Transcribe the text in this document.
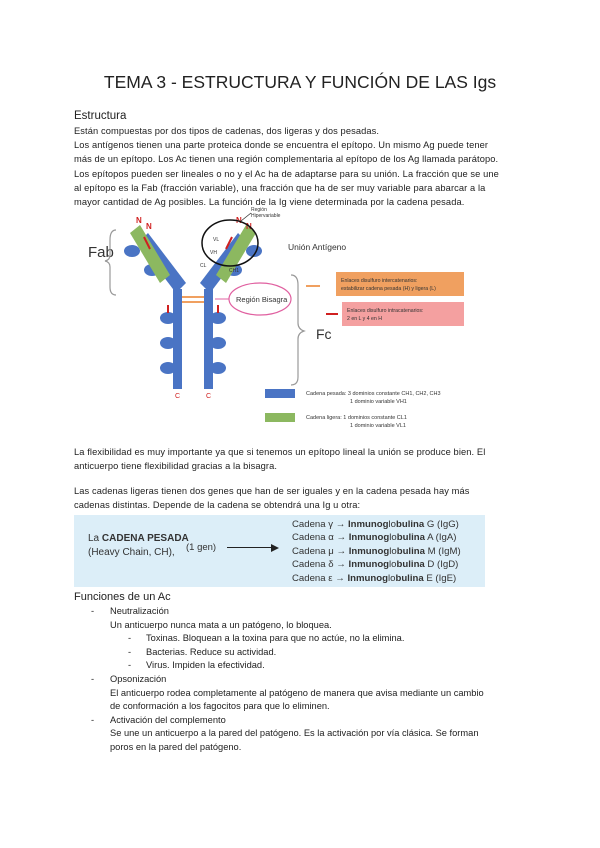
TEMA 3 - ESTRUCTURA Y FUNCIÓN DE LAS Igs
Estructura

Están compuestas por dos tipos de cadenas, dos ligeras y dos pesadas.

Los antígenos tienen una parte proteica donde se encuentra el epítopo. Un mismo Ag puede tener

más de un epítopo. Los Ac tienen una región complementaria al epítopo de los Ag llamada parátopo.

Los epítopos pueden ser lineales o no y el Ac ha de adaptarse para su unión. La fracción que se une

al epítopo es la Fab (fracción variable), una fracción que ha de ser muy variable para abarcar a la

mayor cantidad de Ag posibles. La función de la Ig viene determinada por la cadena pesada.

Fab
N
N
N
N
VL
VH
CH1
CL
Región
Hipervariable
Unión Antígeno
Región Bisagra
Fc
C	C
Enlaces disulfuro intercatenarios:
estabilizar cadena pesada (H) y ligera (L)
Enlaces disulfuro intracatenarios:
2 en L y 4 en H
Cadena pesada: 3 dominios constante CH1, CH2, CH3
1 dominio variable VH1
Cadena ligera: 1 dominios constante CL1
1 dominio variable VL1

La flexibilidad es muy importante ya que si tenemos un epítopo lineal la unión se produce bien. El

anticuerpo tiene flexibilidad gracias a la bisagra.

Las cadenas ligeras tienen dos genes que han de ser iguales y en la cadena pesada hay más

cadenas distintas. Depende de la cadena se obtendrá una Ig u otra:

La CADENA PESADA
(Heavy Chain, CH), (1 gen)
Cadena γ → Inmunoglobulina G (IgG)
Cadena α → Inmunoglobulina A (IgA)
Cadena μ → Inmunoglobulina M (IgM)
Cadena δ → Inmunoglobulina D (IgD)
Cadena ε → Inmunoglobulina E (IgE)
Funciones de un Ac
- Neutralización
Un anticuerpo nunca mata a un patógeno, lo bloquea.
- Toxinas. Bloquean a la toxina para que no actúe, no la elimina.
- Bacterias. Reduce su actividad.
- Virus. Impiden la efectividad.
- Opsonización
El anticuerpo rodea completamente al patógeno de manera que avisa mediante un cambio
de conformación a los fagocitos para que lo eliminen.
- Activación del complemento
Se une un anticuerpo a la pared del patógeno. Es la activación por vía clásica. Se forman
poros en la pared del patógeno.
